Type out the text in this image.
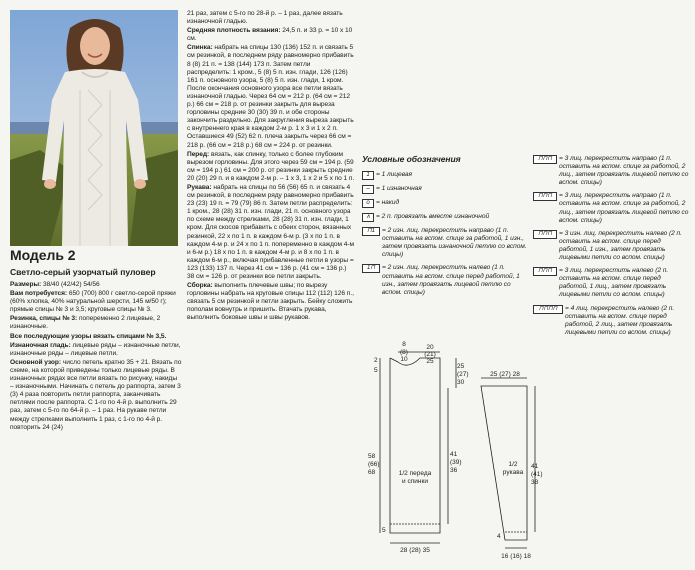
Модель 2
Светло-серый узорчатый пуловер

Размеры: 38/40 (42/42) 54/56

Вам потребуется: 650 (700) 800 г светло-серой пряжи (60% хлопка, 40% натуральной шерсти, 145 м/50 г); прямые спицы № 3 и 3,5; круговые спицы № 3.

Резинка, спицы № 3: попеременно 2 лицевые, 2 изнаночные.

Все последующие узоры вязать спицами № 3,5.

Изнаночная гладь: лицевые ряды – изнаночные петли, изнаночные ряды – лицевые петли.

Основной узор: число петель кратно 35 + 21. Вязать по схеме, на которой приведены только лицевые ряды. В изнаночных рядах все петли вязать по рисунку, накиды – изнаночными. Начинать с петель до раппорта, затем 3 (3) 4 раза повторить петли раппорта, заканчивать петлями после раппорта. С 1-го по 4-й р. выполнить 29 раз, затем с 5-го по 64-й р. – 1 раз. На рукаве петли между стрелками выполнить 1 раз, с 1-го по 4-й р. повторить 24 (24)

21 раз, затем с 5-го по 28-й р. – 1 раз, далее вязать изнаночной гладью.

Средняя плотность вязания: 24,5 п. и 33 р. = 10 х 10 см.

Спинка: набрать на спицы 130 (136) 152 п. и связать 5 см резинкой, в последнем ряду равномерно прибавить 8 (8) 21 п. = 138 (144) 173 п. Затем петли распределить: 1 кром., 5 (8) 5 п. изн. глади, 126 (126) 161 п. основного узора, 5 (8) 5 п. изн. глади, 1 кром. После окончания основного узора все петли вязать изнаночной гладью. Через 64 см = 212 р. (64 см = 212 р.) 66 см = 218 р. от резинки закрыть для выреза горловины средние 30 (30) 39 п. и обе стороны закончить раздельно. Для закругления выреза закрыть с внутреннего края в каждом 2-м р. 1 х 3 и 1 х 2 п. Оставшиеся 49 (52) 62 п. плеча закрыть через 66 см = 218 р. (66 см = 218 р.) 68 см = 224 р. от резинки.

Перед: вязать, как спинку, только с более глубоким вырезом горловины. Для этого через 59 см = 194 р. (59 см = 194 р.) 61 см = 200 р. от резинки закрыть средние 20 (20) 29 п. и в каждом 2-м р. – 1 х 3, 1 х 2 и 5 х по 1 п.

Рукава: набрать на спицы по 56 (56) 65 п. и связать 4 см резинкой, в последнем ряду равномерно прибавить 23 (23) 19 п. = 79 (79) 86 п. Затем петли распределить: 1 кром., 28 (28) 31 п. изн. глади, 21 п. основного узора по схеме между стрелками, 28 (28) 31 п. изн. глади, 1 кром. Для скосов прибавить с обеих сторон, вязанных резинкой, 22 х по 1 п. в каждом 6-м р. (3 х по 1 п. в каждом 4-м р. и 24 х по 1 п. попеременно в каждом 4-м и 6-м р.) 18 х по 1 п. в каждом 4-м р. и 8 х по 1 п. в каждом 6-м р., включая прибавленные петли в узоры = 123 (133) 137 п. Через 41 см = 136 р. (41 см = 136 р.) 38 см = 126 р. от резинки все петли закрыть.

Сборка: выполнить плечевые швы; по вырезу горловины набрать на круговые спицы 112 (112) 126 п., связать 5 см резинкой и петли закрыть. Бейку сложить пополам вовнутрь и пришить. Втачать рукава, выполнить боковые швы и швы рукавов.

Условные обозначения
1 = 1 лицевая
– = 1 изнаночная
o = накид
∧ = 2 п. провязать вместе изнаночной
⊓1	= 2 изн. лиц. перекрестить направо (1 п. оставить на вспом. спице за работой, 1 изн., затем провязать изнаночной петлю со вспом. спицы)
1⊓	= 2 изн. лиц. перекрестить налево (1 п. оставить на вспом. спице перед работой, 1 изн., затем провязать лицевой петлю со вспом. спицы)
⊓⊓⊓	= 3 лиц. перекрестить направо (1 п. оставить на вспом. спице за работой, 2 лиц., затем провязать лицевой петлю со вспом. спицы)
⊓⊓⊓	= 3 лиц. перекрестить направо (1 п. оставить на вспом. спице за работой, 2 лиц., затем провязать лицевой петлю со вспом. спицы)
⊓⊓⊓	= 3 изн. лиц. перекрестить налево (2 п. оставить на вспом. спице перед работой, 1 изн., затем провязать лицевыми петли со вспом. спицы)
⊓⊓⊓	= 3 лиц. перекрестить налево (2 п. оставить на вспом. спице перед работой, 1 лиц., затем провязать лицевыми петли со вспом. спицы)
⊓⊓⊓⊓	= 4 лиц. перекрестить налево (2 п. оставить на вспом. спице перед работой, 2 лиц., затем провязать лицевыми петли со вспом. спицы)
1/2 переда
и спинки
8
(8)
10
20
(21)
25
2
5
25
(27)
30
41
(39)
36
58
(66)
68
5
28 (28) 35
25 (27) 28
1/2
рукава
41
(41)
38
4
16 (16) 18
